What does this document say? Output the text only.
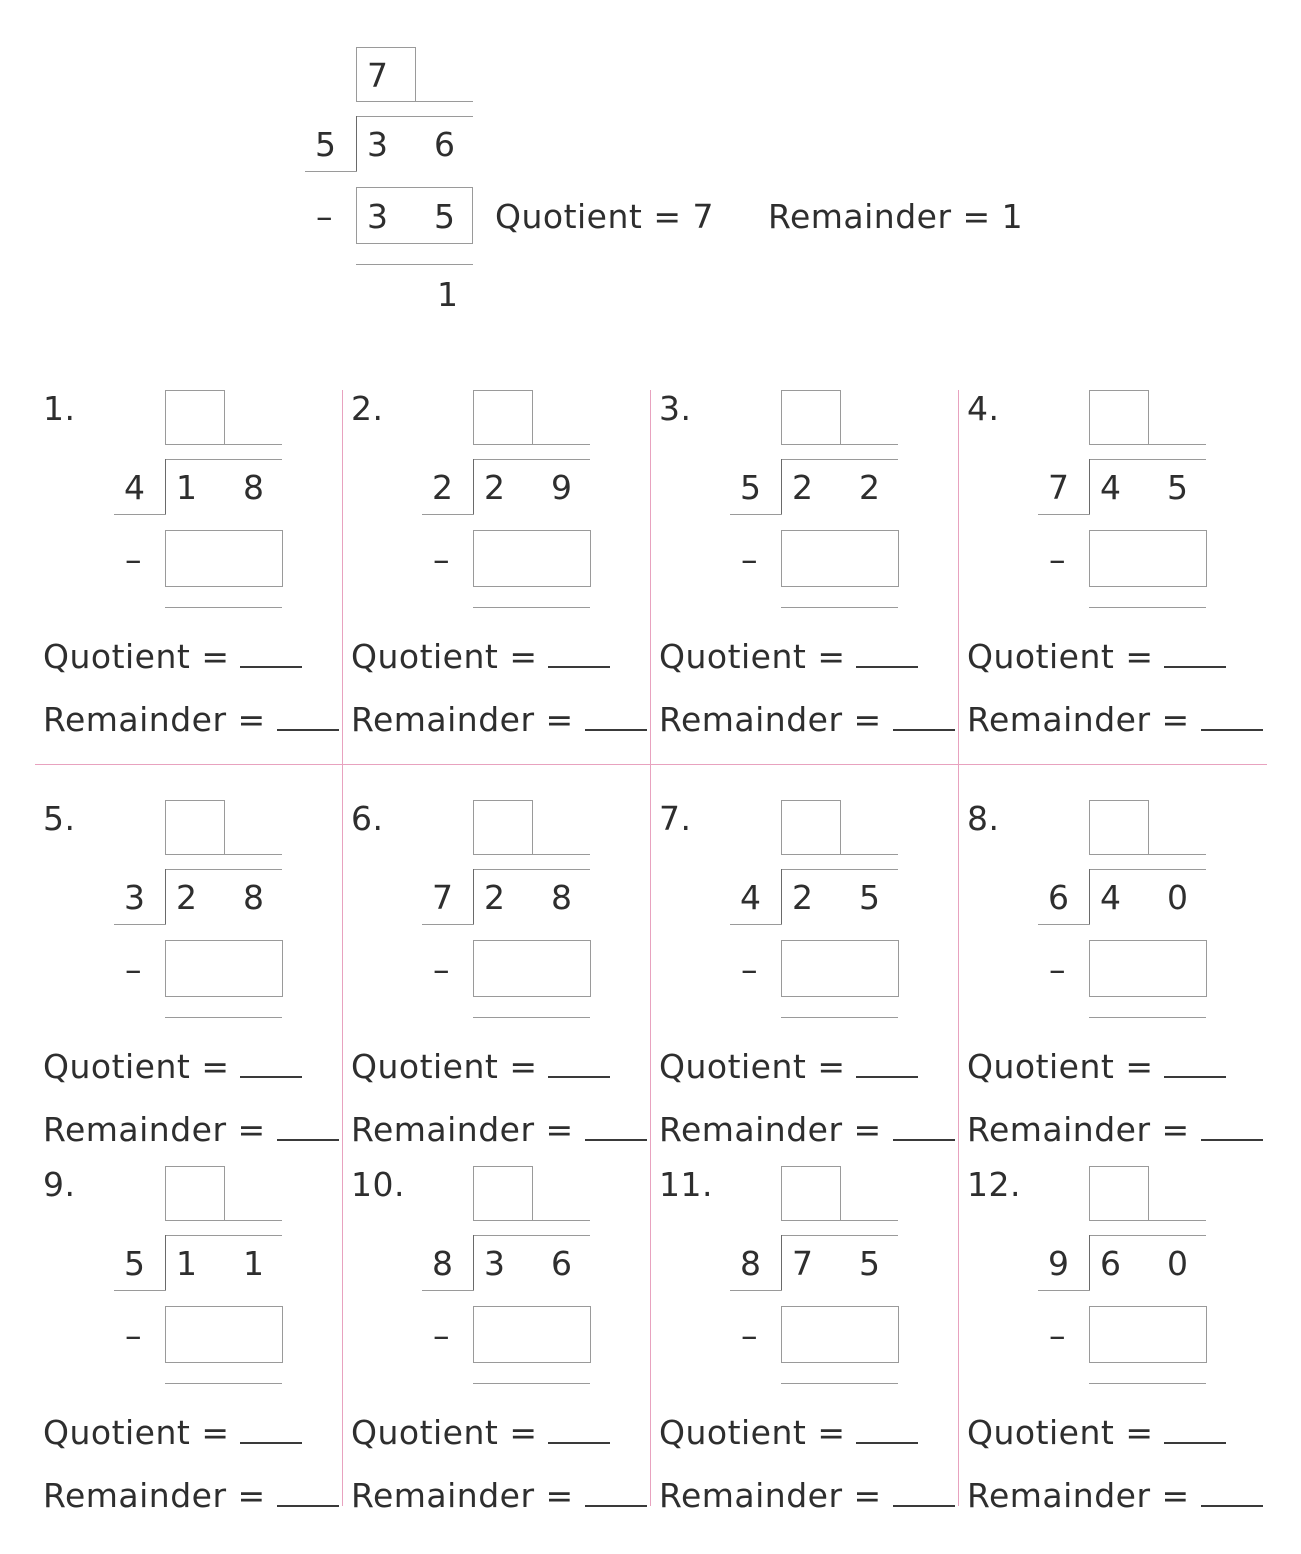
7
5 3 6
– 3 5
1
Quotient = 7 Remainder = 1
1.
4 1 8
–
Quotient =
Remainder =
2.
2 2 9
–
Quotient =
Remainder =
3.
5 2 2
–
Quotient =
Remainder =
4.
7 4 5
–
Quotient =
Remainder =
5.
3 2 8
–
Quotient =
Remainder =
6.
7 2 8
–
Quotient =
Remainder =
7.
4 2 5
–
Quotient =
Remainder =
8.
6 4 0
–
Quotient =
Remainder =
9.
5 1 1
–
Quotient =
Remainder =
10.
8 3 6
–
Quotient =
Remainder =
11.
8 7 5
–
Quotient =
Remainder =
12.
9 6 0
–
Quotient =
Remainder =
